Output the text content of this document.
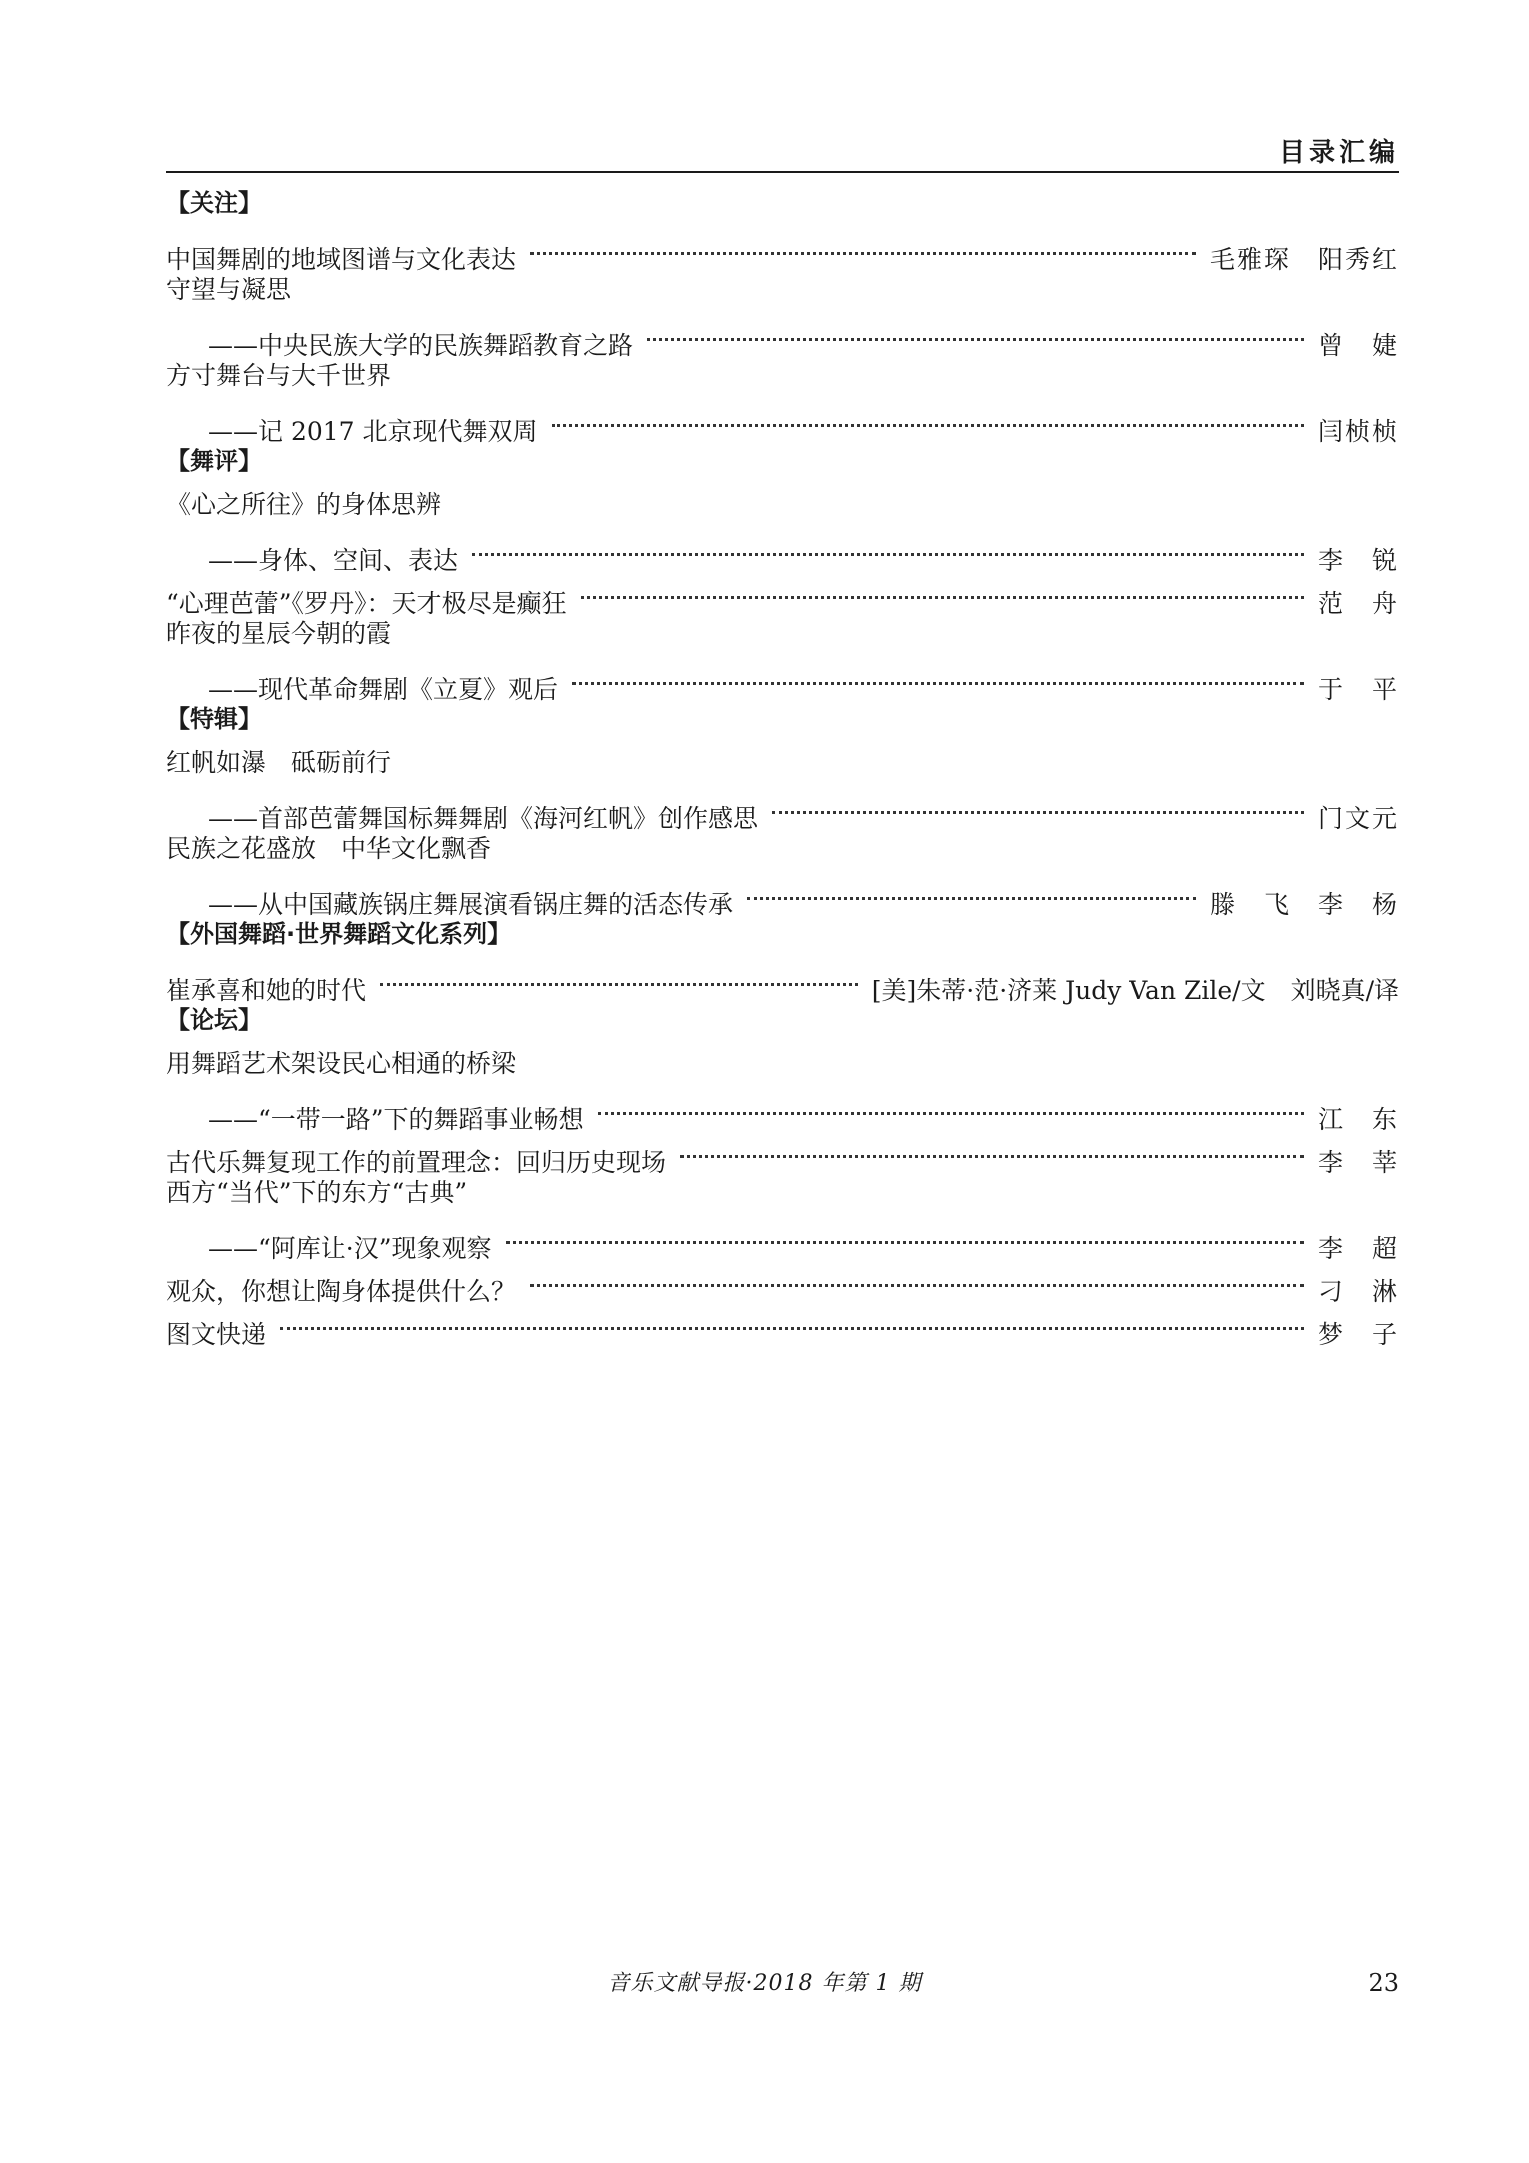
目录汇编
【关注】
中国舞剧的地域图谱与文化表达	毛雅琛　阳秀红
守望与凝思
——中央民族大学的民族舞蹈教育之路	曾　婕
方寸舞台与大千世界
——记 2017 北京现代舞双周	闫桢桢
【舞评】
《心之所往》的身体思辨
——身体、空间、表达	李　锐
“心理芭蕾”《罗丹》：天才极尽是癫狂	范　舟
昨夜的星辰今朝的霞
——现代革命舞剧《立夏》观后	于　平
【特辑】
红帆如瀑　砥砺前行
——首部芭蕾舞国标舞舞剧《海河红帆》创作感思	门文元
民族之花盛放　中华文化飘香
——从中国藏族锅庄舞展演看锅庄舞的活态传承	滕　飞　李　杨
【外国舞蹈·世界舞蹈文化系列】
崔承喜和她的时代	[美]朱蒂·范·济莱 Judy Van Zile/文　刘晓真/译
【论坛】
用舞蹈艺术架设民心相通的桥梁
——“一带一路”下的舞蹈事业畅想	江　东
古代乐舞复现工作的前置理念：回归历史现场	李　莘
西方“当代”下的东方“古典”
——“阿库让·汉”现象观察	李　超
观众，你想让陶身体提供什么？	刁　淋
图文快递	梦　子
音乐文献导报·2018 年第 1 期	23
